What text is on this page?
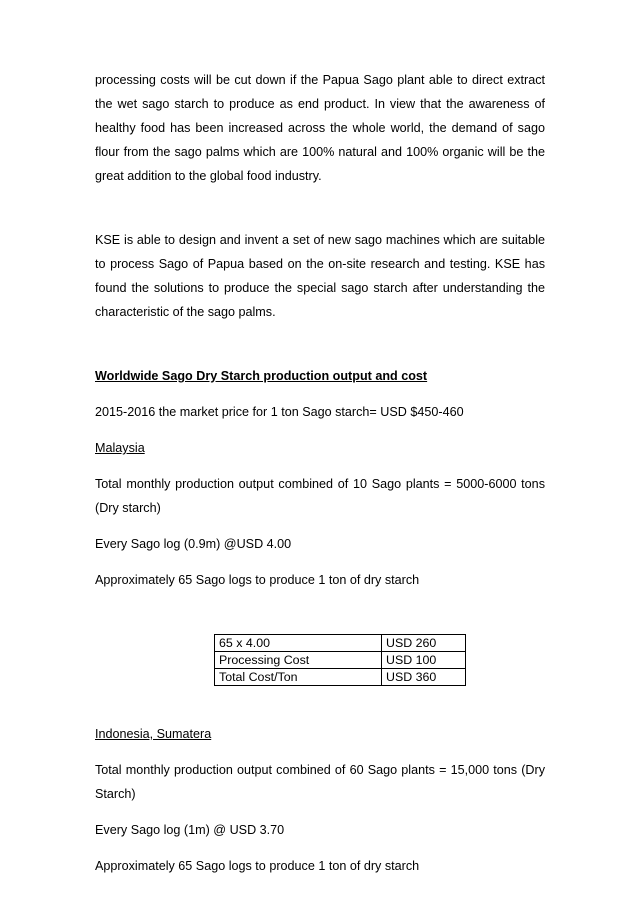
processing costs will be cut down if the Papua Sago plant able to direct extract the wet sago starch to produce as end product. In view that the awareness of healthy food has been increased across the whole world, the demand of sago flour from the sago palms which are 100% natural and 100% organic will be the great addition to the global food industry.

KSE is able to design and invent a set of new sago machines which are suitable to process Sago of Papua based on the on-site research and testing. KSE has found the solutions to produce the special sago starch after understanding the characteristic of the sago palms.

Worldwide Sago Dry Starch production output and cost

2015-2016 the market price for 1 ton Sago starch= USD $450-460

Malaysia

Total monthly production output combined of 10 Sago plants = 5000-6000 tons (Dry starch)

Every Sago log (0.9m) @USD 4.00

Approximately 65 Sago logs to produce 1 ton of dry starch

65 x 4.00	USD 260
Processing Cost	USD 100
Total Cost/Ton	USD 360

Indonesia, Sumatera

Total monthly production output combined of 60 Sago plants = 15,000 tons (Dry Starch)

Every Sago log (1m) @ USD 3.70

Approximately 65 Sago logs to produce 1 ton of dry starch
